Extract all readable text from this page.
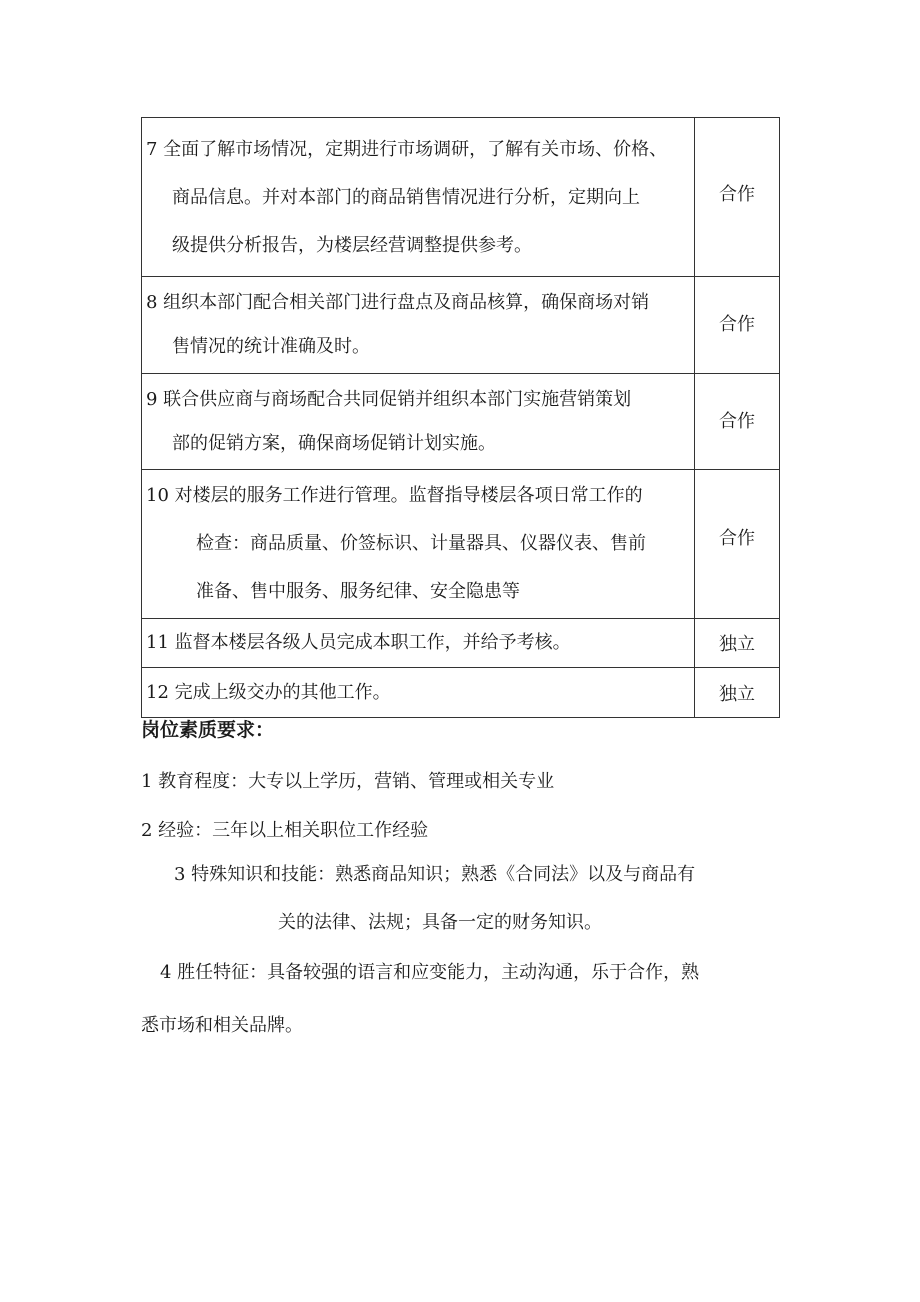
7 全面了解市场情况，定期进行市场调研，了解有关市场、价格、
商品信息。并对本部门的商品销售情况进行分析，定期向上
级提供分析报告，为楼层经营调整提供参考。	合作

8 组织本部门配合相关部门进行盘点及商品核算，确保商场对销
售情况的统计准确及时。	合作

9 联合供应商与商场配合共同促销并组织本部门实施营销策划
部的促销方案，确保商场促销计划实施。	合作

10 对楼层的服务工作进行管理。监督指导楼层各项日常工作的
检查：商品质量、价签标识、计量器具、仪器仪表、售前
准备、售中服务、服务纪律、安全隐患等	合作

11 监督本楼层各级人员完成本职工作，并给予考核。	独立

12 完成上级交办的其他工作。	独立
岗位素质要求：

1 教育程度：大专以上学历，营销、管理或相关专业

2 经验：三年以上相关职位工作经验

3 特殊知识和技能：熟悉商品知识；熟悉《合同法》以及与商品有

关的法律、法规；具备一定的财务知识。

4 胜任特征：具备较强的语言和应变能力，主动沟通，乐于合作，熟

悉市场和相关品牌。
